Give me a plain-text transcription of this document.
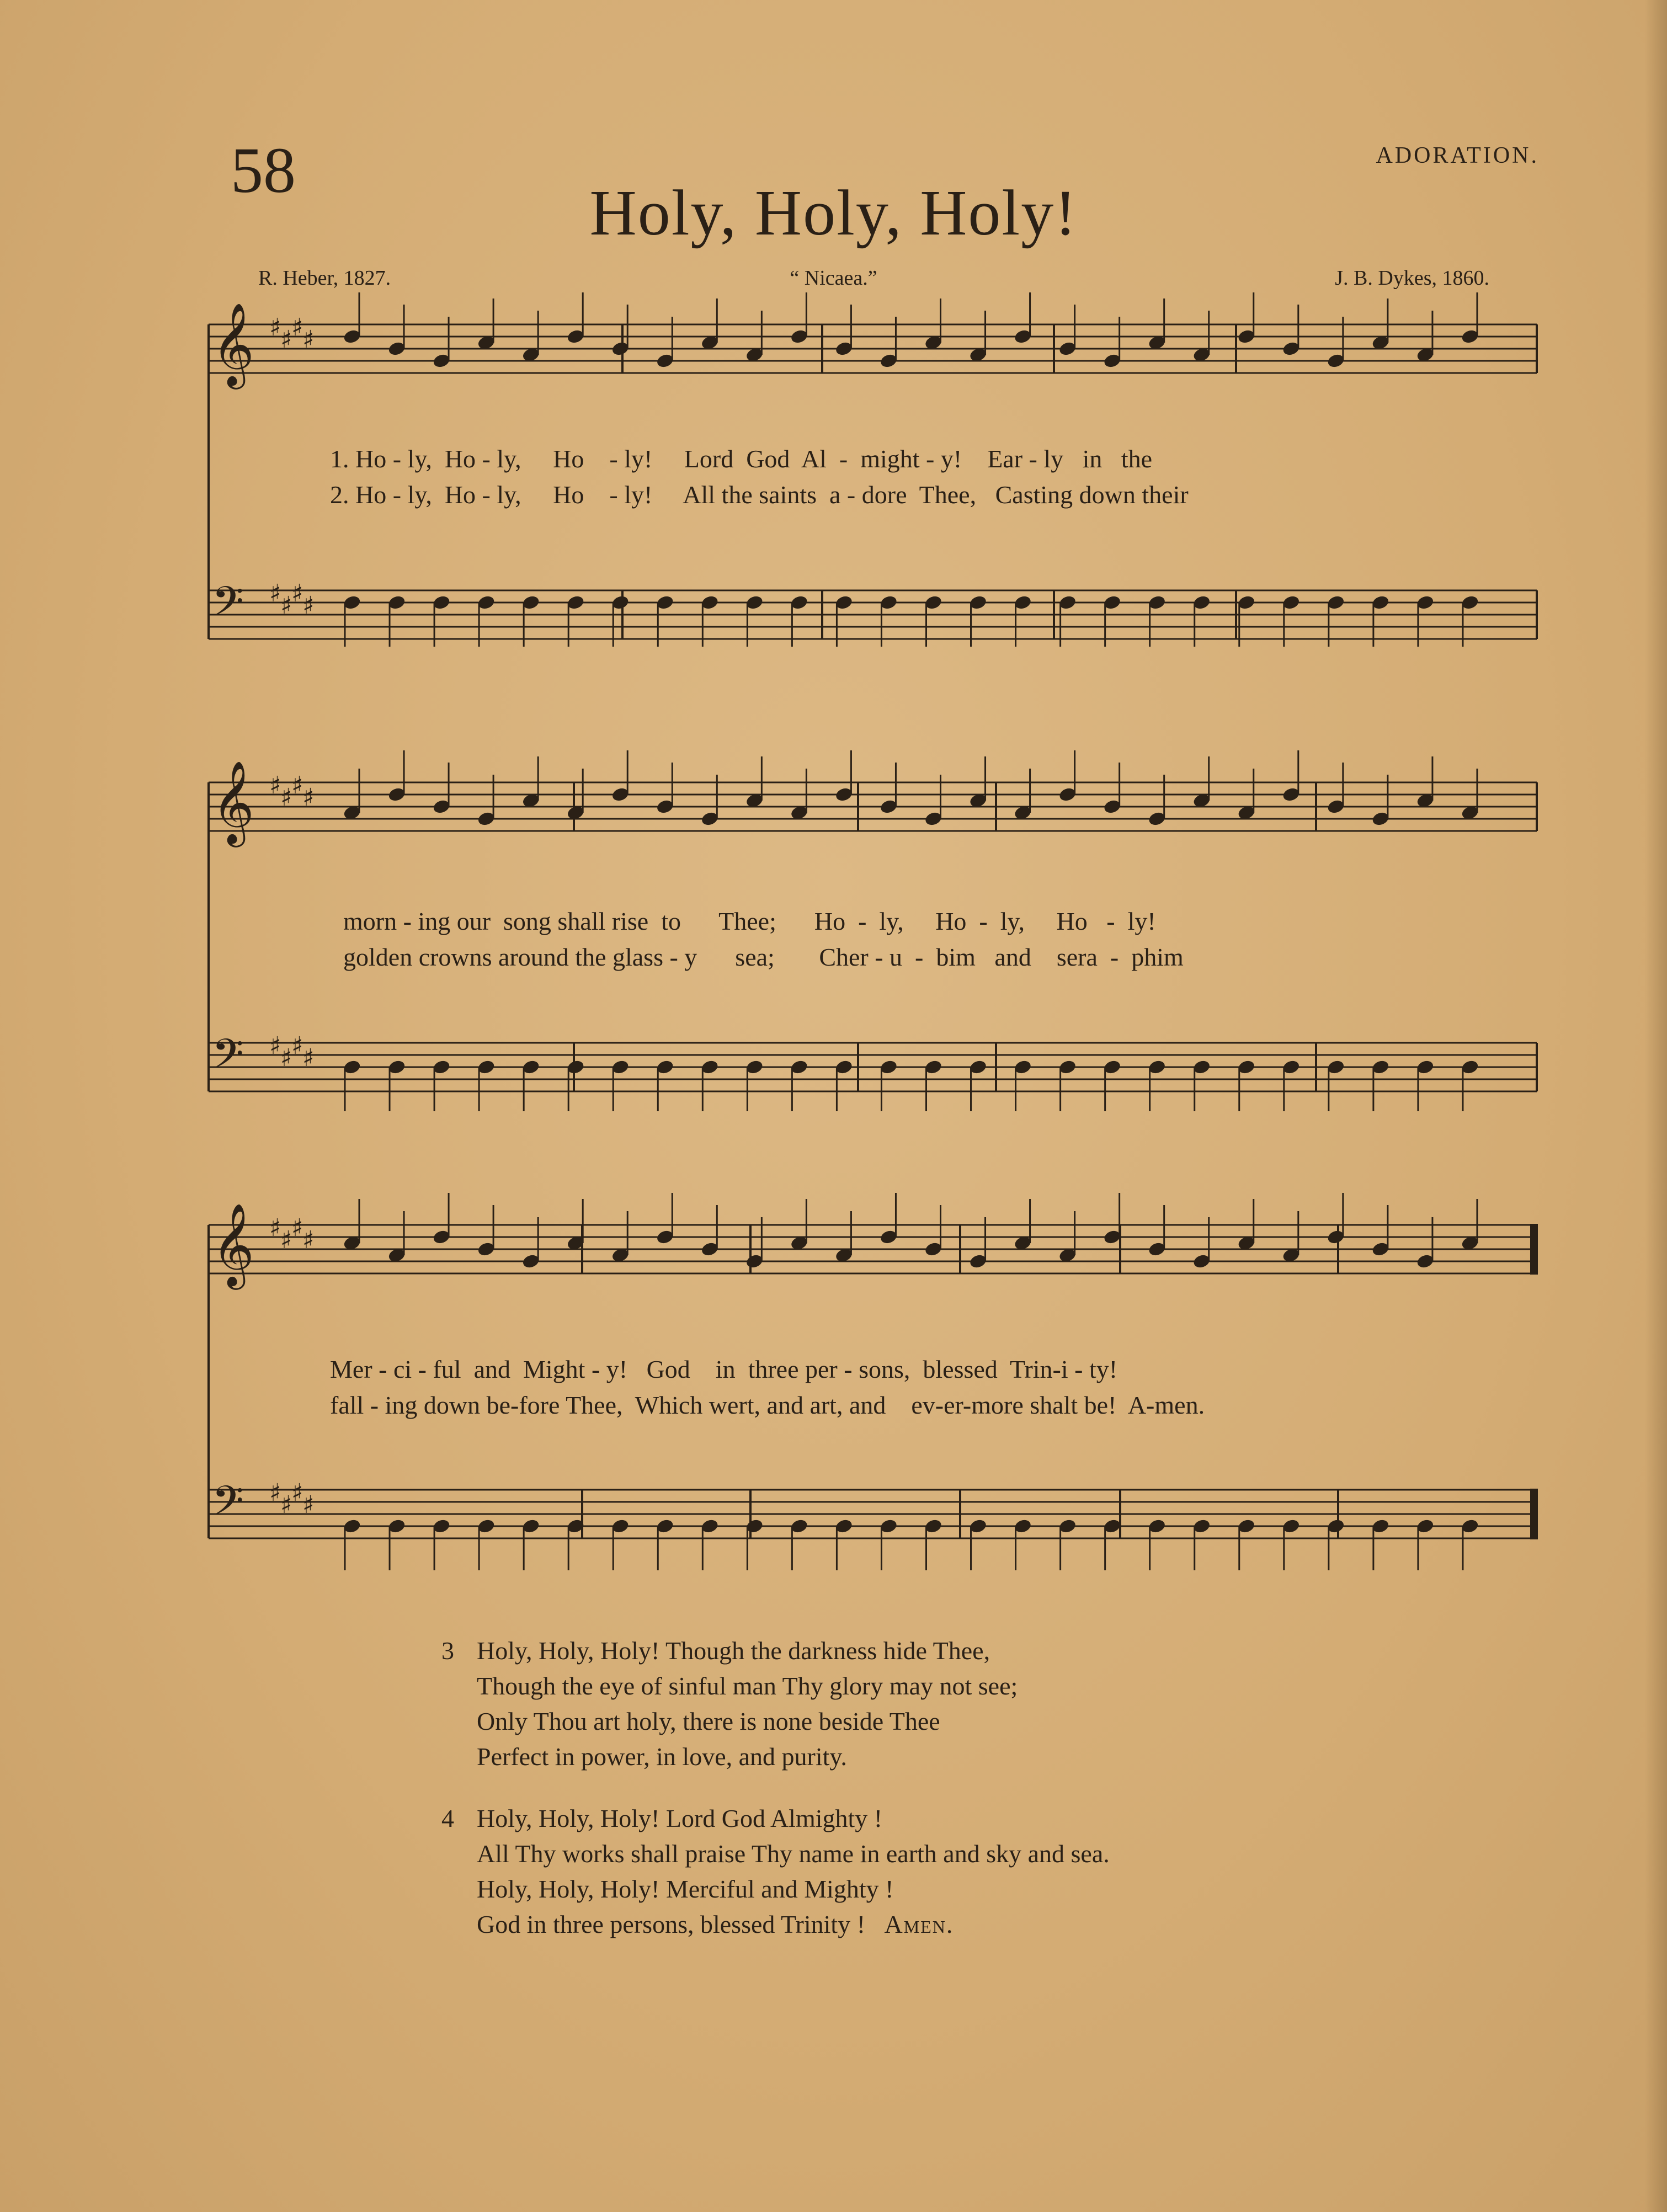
58	ADORATION.
Holy, Holy, Holy!
R. Heber, 1827.	“ Nicaea.”	J. B. Dykes, 1860.
𝄞 ♯
♯
♯
♯
𝄢 ♯
♯
♯
♯
𝄞 ♯
♯
♯
♯
𝄢 ♯
♯
♯
♯
𝄞 ♯
♯
♯
♯
𝄢 ♯
♯
♯
♯
1. Ho - ly,  Ho - ly,     Ho    - ly!     Lord  God  Al  -  might - y!    Ear - ly   in   the
2. Ho - ly,  Ho - ly,     Ho    - ly!     All the saints  a - dore  Thee,   Casting down their
morn - ing our  song shall rise  to      Thee;      Ho  -  ly,     Ho  -  ly,     Ho   -  ly!
golden crowns around the glass - y      sea;       Cher - u  -  bim   and    sera  -  phim
Mer - ci - ful  and  Might - y!   God    in  three per - sons,  blessed  Trin-i - ty!
fall - ing down be-fore Thee,  Which wert, and art, and    ev-er-more shalt be!  A-men.
3 Holy, Holy, Holy! Though the darkness hide Thee,
Though the eye of sinful man Thy glory may not see;
Only Thou art holy, there is none beside Thee
Perfect in power, in love, and purity.
4 Holy, Holy, Holy! Lord God Almighty !
All Thy works shall praise Thy name in earth and sky and sea.
Holy, Holy, Holy! Merciful and Mighty !
God in three persons, blessed Trinity ! Amen.
